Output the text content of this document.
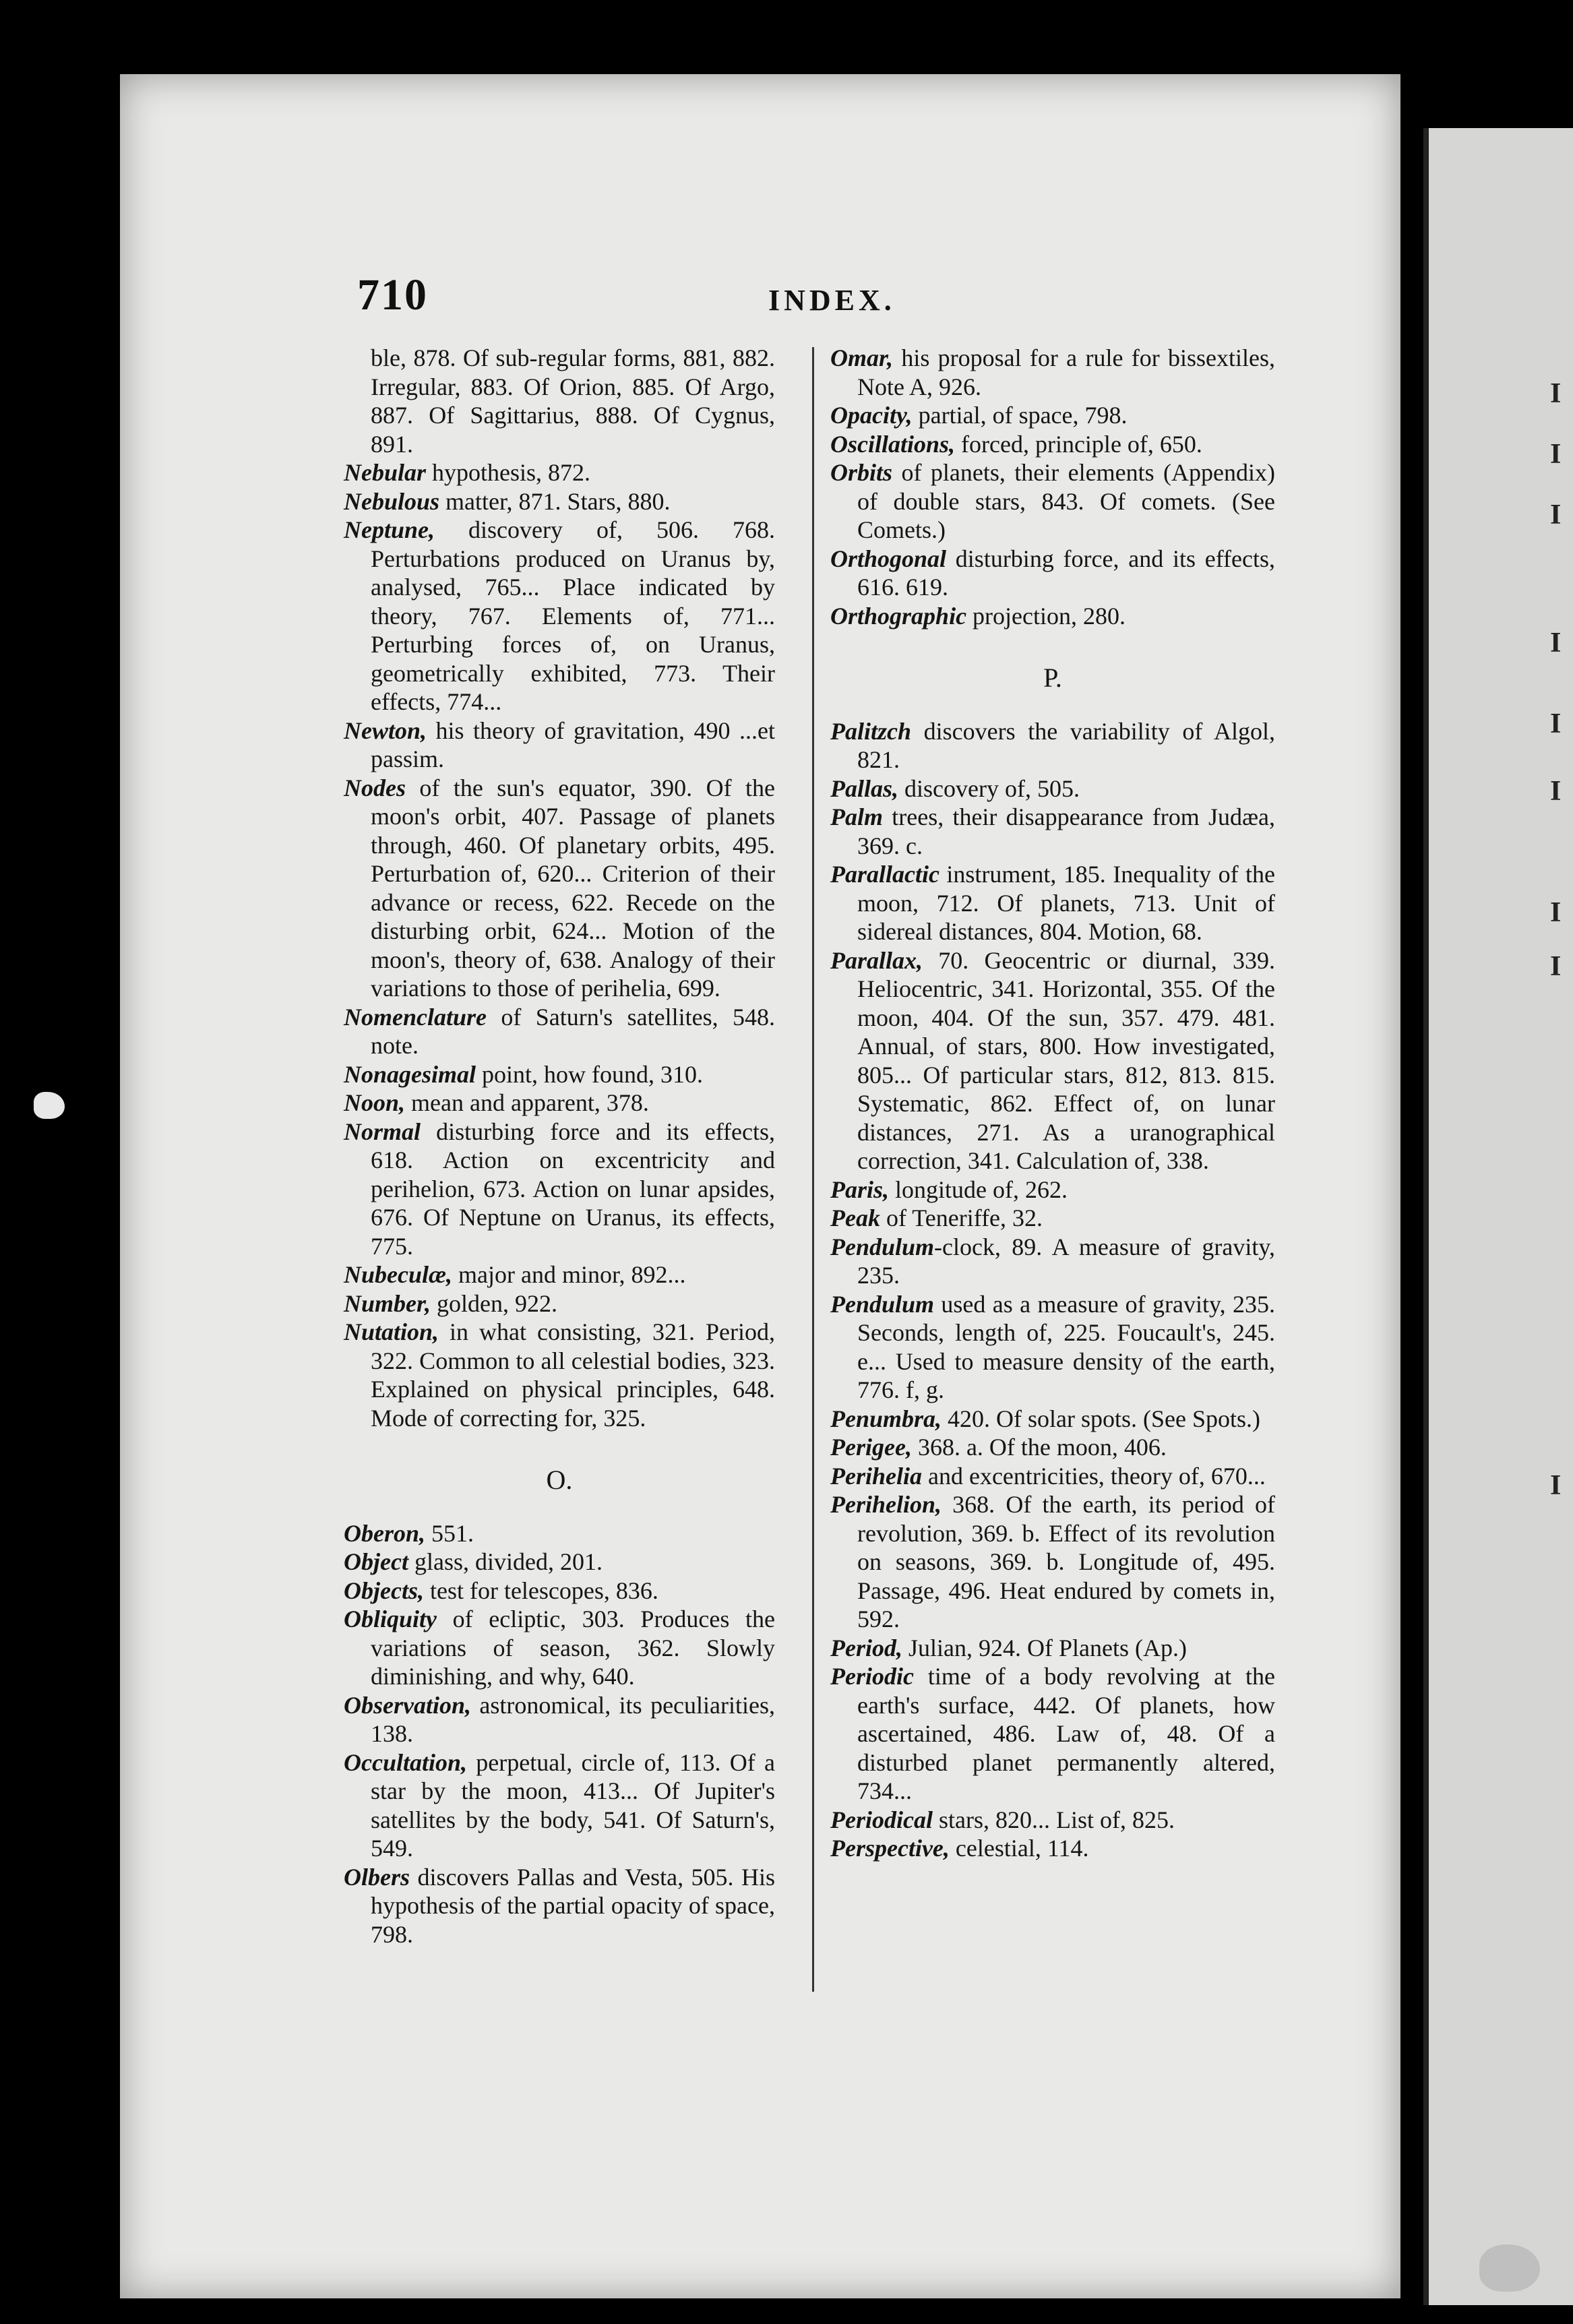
710	INDEX.

ble, 878. Of sub-regular forms, 881, 882. Irregular, 883. Of Orion, 885. Of Argo, 887. Of Sagittarius, 888. Of Cygnus, 891.

Nebular hypothesis, 872.

Nebulous matter, 871. Stars, 880.

Neptune, discovery of, 506. 768. Perturbations produced on Uranus by, analysed, 765... Place indicated by theory, 767. Elements of, 771... Perturbing forces of, on Uranus, geometrically exhibited, 773. Their effects, 774...

Newton, his theory of gravitation, 490 ...et passim.

Nodes of the sun's equator, 390. Of the moon's orbit, 407. Passage of planets through, 460. Of planetary orbits, 495. Perturbation of, 620... Criterion of their advance or recess, 622. Recede on the disturbing orbit, 624... Motion of the moon's, theory of, 638. Analogy of their variations to those of perihelia, 699.

Nomenclature of Saturn's satellites, 548. note.

Nonagesimal point, how found, 310.

Noon, mean and apparent, 378.

Normal disturbing force and its effects, 618. Action on excentricity and perihelion, 673. Action on lunar apsides, 676. Of Neptune on Uranus, its effects, 775.

Nubeculæ, major and minor, 892...

Number, golden, 922.

Nutation, in what consisting, 321. Period, 322. Common to all celestial bodies, 323. Explained on physical principles, 648. Mode of correcting for, 325.

O.

Oberon, 551.

Object glass, divided, 201.

Objects, test for telescopes, 836.

Obliquity of ecliptic, 303. Produces the variations of season, 362. Slowly diminishing, and why, 640.

Observation, astronomical, its peculiarities, 138.

Occultation, perpetual, circle of, 113. Of a star by the moon, 413... Of Jupiter's satellites by the body, 541. Of Saturn's, 549.

Olbers discovers Pallas and Vesta, 505. His hypothesis of the partial opacity of space, 798.

Omar, his proposal for a rule for bissextiles, Note A, 926.

Opacity, partial, of space, 798.

Oscillations, forced, principle of, 650.

Orbits of planets, their elements (Appendix) of double stars, 843. Of comets. (See Comets.)

Orthogonal disturbing force, and its effects, 616. 619.

Orthographic projection, 280.

P.

Palitzch discovers the variability of Algol, 821.

Pallas, discovery of, 505.

Palm trees, their disappearance from Judæa, 369. c.

Parallactic instrument, 185. Inequality of the moon, 712. Of planets, 713. Unit of sidereal distances, 804. Motion, 68.

Parallax, 70. Geocentric or diurnal, 339. Heliocentric, 341. Horizontal, 355. Of the moon, 404. Of the sun, 357. 479. 481. Annual, of stars, 800. How investigated, 805... Of particular stars, 812, 813. 815. Systematic, 862. Effect of, on lunar distances, 271. As a uranographical correction, 341. Calculation of, 338.

Paris, longitude of, 262.

Peak of Teneriffe, 32.

Pendulum-clock, 89. A measure of gravity, 235.

Pendulum used as a measure of gravity, 235. Seconds, length of, 225. Foucault's, 245. e... Used to measure density of the earth, 776. f, g.

Penumbra, 420. Of solar spots. (See Spots.)

Perigee, 368. a. Of the moon, 406.

Perihelia and excentricities, theory of, 670...

Perihelion, 368. Of the earth, its period of revolution, 369. b. Effect of its revolution on seasons, 369. b. Longitude of, 495. Passage, 496. Heat endured by comets in, 592.

Period, Julian, 924. Of Planets (Ap.)

Periodic time of a body revolving at the earth's surface, 442. Of planets, how ascertained, 486. Law of, 48. Of a disturbed planet permanently altered, 734...

Periodical stars, 820... List of, 825.

Perspective, celestial, 114.

I
I
I
I
I
I
I
I
I
